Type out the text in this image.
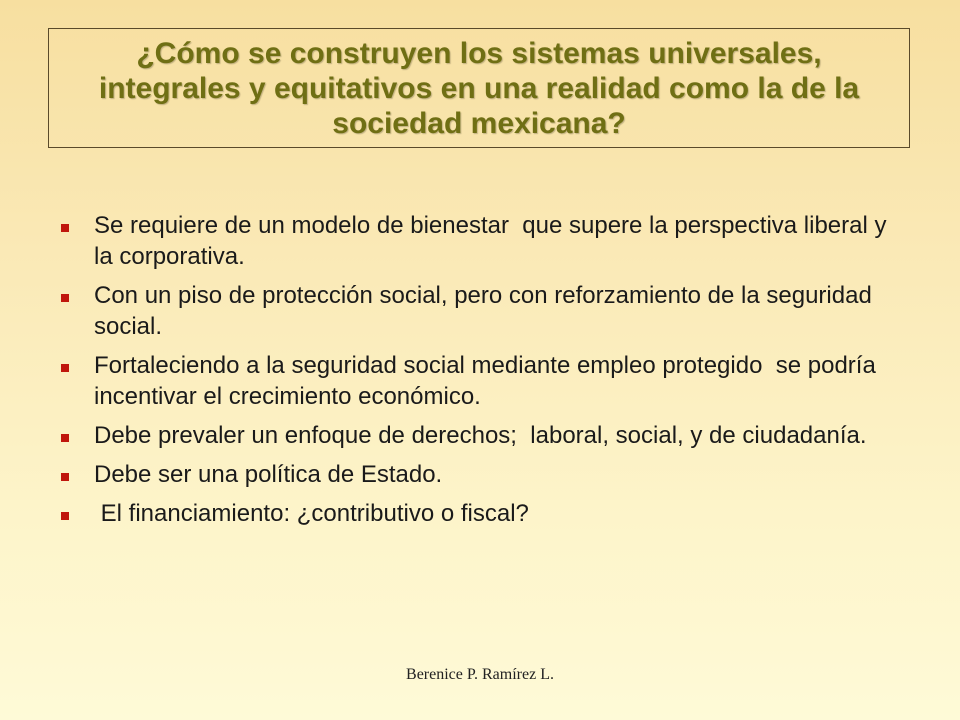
¿Cómo se construyen los sistemas universales, integrales y equitativos en una realidad como la de la sociedad mexicana?
Se requiere de un modelo de bienestar  que supere la perspectiva liberal y la corporativa.
Con un piso de protección social, pero con reforzamiento de la seguridad social.
Fortaleciendo a la seguridad social mediante empleo protegido  se podría  incentivar el crecimiento económico.
Debe prevaler un enfoque de derechos;  laboral, social, y de ciudadanía.
Debe ser una política de Estado.
El financiamiento: ¿contributivo o fiscal?
Berenice P. Ramírez L.
